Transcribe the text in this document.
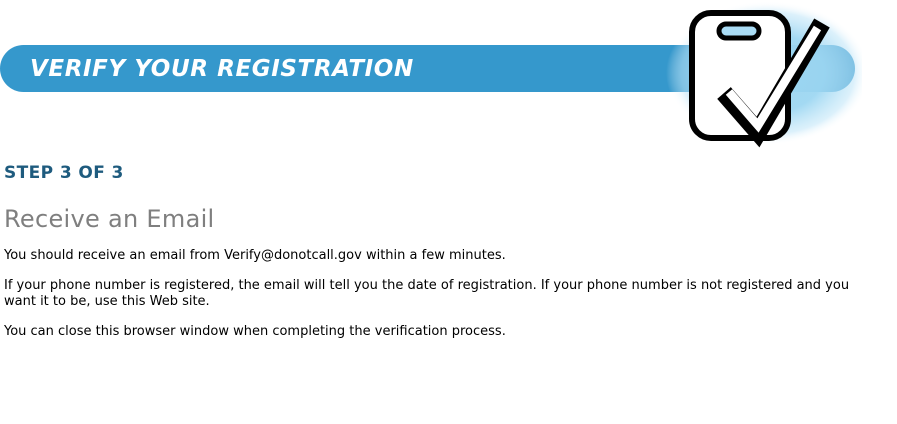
VERIFY YOUR REGISTRATION
STEP 3 OF 3
Receive an Email

You should receive an email from Verify@donotcall.gov within a few minutes.

If your phone number is registered, the email will tell you the date of registration. If your phone number is not registered and you want it to be, use this Web site.

You can close this browser window when completing the verification process.
